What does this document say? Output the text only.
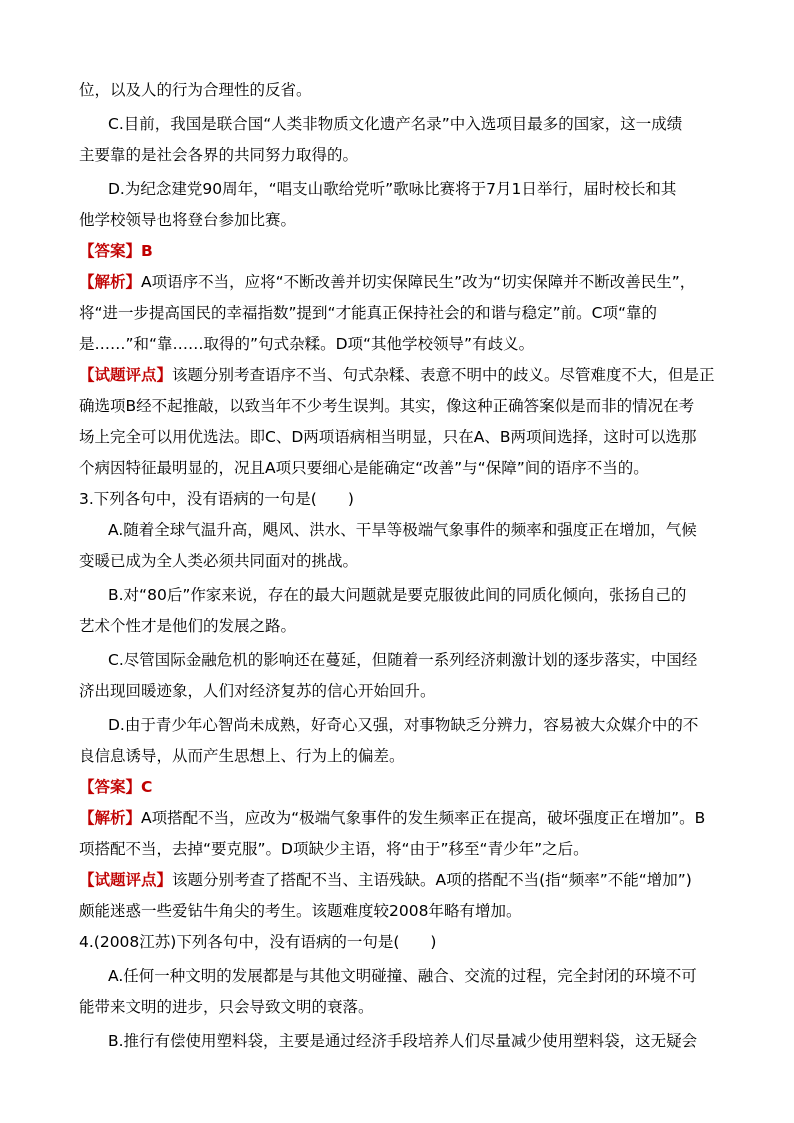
位，以及人的行为合理性的反省。
C.目前，我国是联合国“人类非物质文化遗产名录”中入选项目最多的国家，这一成绩
主要靠的是社会各界的共同努力取得的。
D.为纪念建党90周年，“唱支山歌给党听”歌咏比赛将于7月1日举行，届时校长和其
他学校领导也将登台参加比赛。
【答案】B
【解析】A项语序不当，应将“不断改善并切实保障民生”改为“切实保障并不断改善民生”，
将“进一步提高国民的幸福指数”提到“才能真正保持社会的和谐与稳定”前。C项“靠的
是……”和“靠……取得的”句式杂糅。D项“其他学校领导”有歧义。
【试题评点】该题分别考查语序不当、句式杂糅、表意不明中的歧义。尽管难度不大，但是正
确选项B经不起推敲，以致当年不少考生误判。其实，像这种正确答案似是而非的情况在考
场上完全可以用优选法。即C、D两项语病相当明显，只在A、B两项间选择，这时可以选那
个病因特征最明显的，况且A项只要细心是能确定“改善”与“保障”间的语序不当的。
3.下列各句中，没有语病的一句是(　　)
A.随着全球气温升高，飓风、洪水、干旱等极端气象事件的频率和强度正在增加，气候
变暖已成为全人类必须共同面对的挑战。
B.对“80后”作家来说，存在的最大问题就是要克服彼此间的同质化倾向，张扬自己的
艺术个性才是他们的发展之路。
C.尽管国际金融危机的影响还在蔓延，但随着一系列经济刺激计划的逐步落实，中国经
济出现回暖迹象，人们对经济复苏的信心开始回升。
D.由于青少年心智尚未成熟，好奇心又强，对事物缺乏分辨力，容易被大众媒介中的不
良信息诱导，从而产生思想上、行为上的偏差。
【答案】C
【解析】A项搭配不当，应改为“极端气象事件的发生频率正在提高，破坏强度正在增加”。B
项搭配不当，去掉“要克服”。D项缺少主语，将“由于”移至“青少年”之后。
【试题评点】该题分别考查了搭配不当、主语残缺。A项的搭配不当(指“频率”不能“增加”)
颇能迷惑一些爱钻牛角尖的考生。该题难度较2008年略有增加。
4.(2008江苏)下列各句中，没有语病的一句是(　　)
A.任何一种文明的发展都是与其他文明碰撞、融合、交流的过程，完全封闭的环境不可
能带来文明的进步，只会导致文明的衰落。
B.推行有偿使用塑料袋，主要是通过经济手段培养人们尽量减少使用塑料袋，这无疑会
